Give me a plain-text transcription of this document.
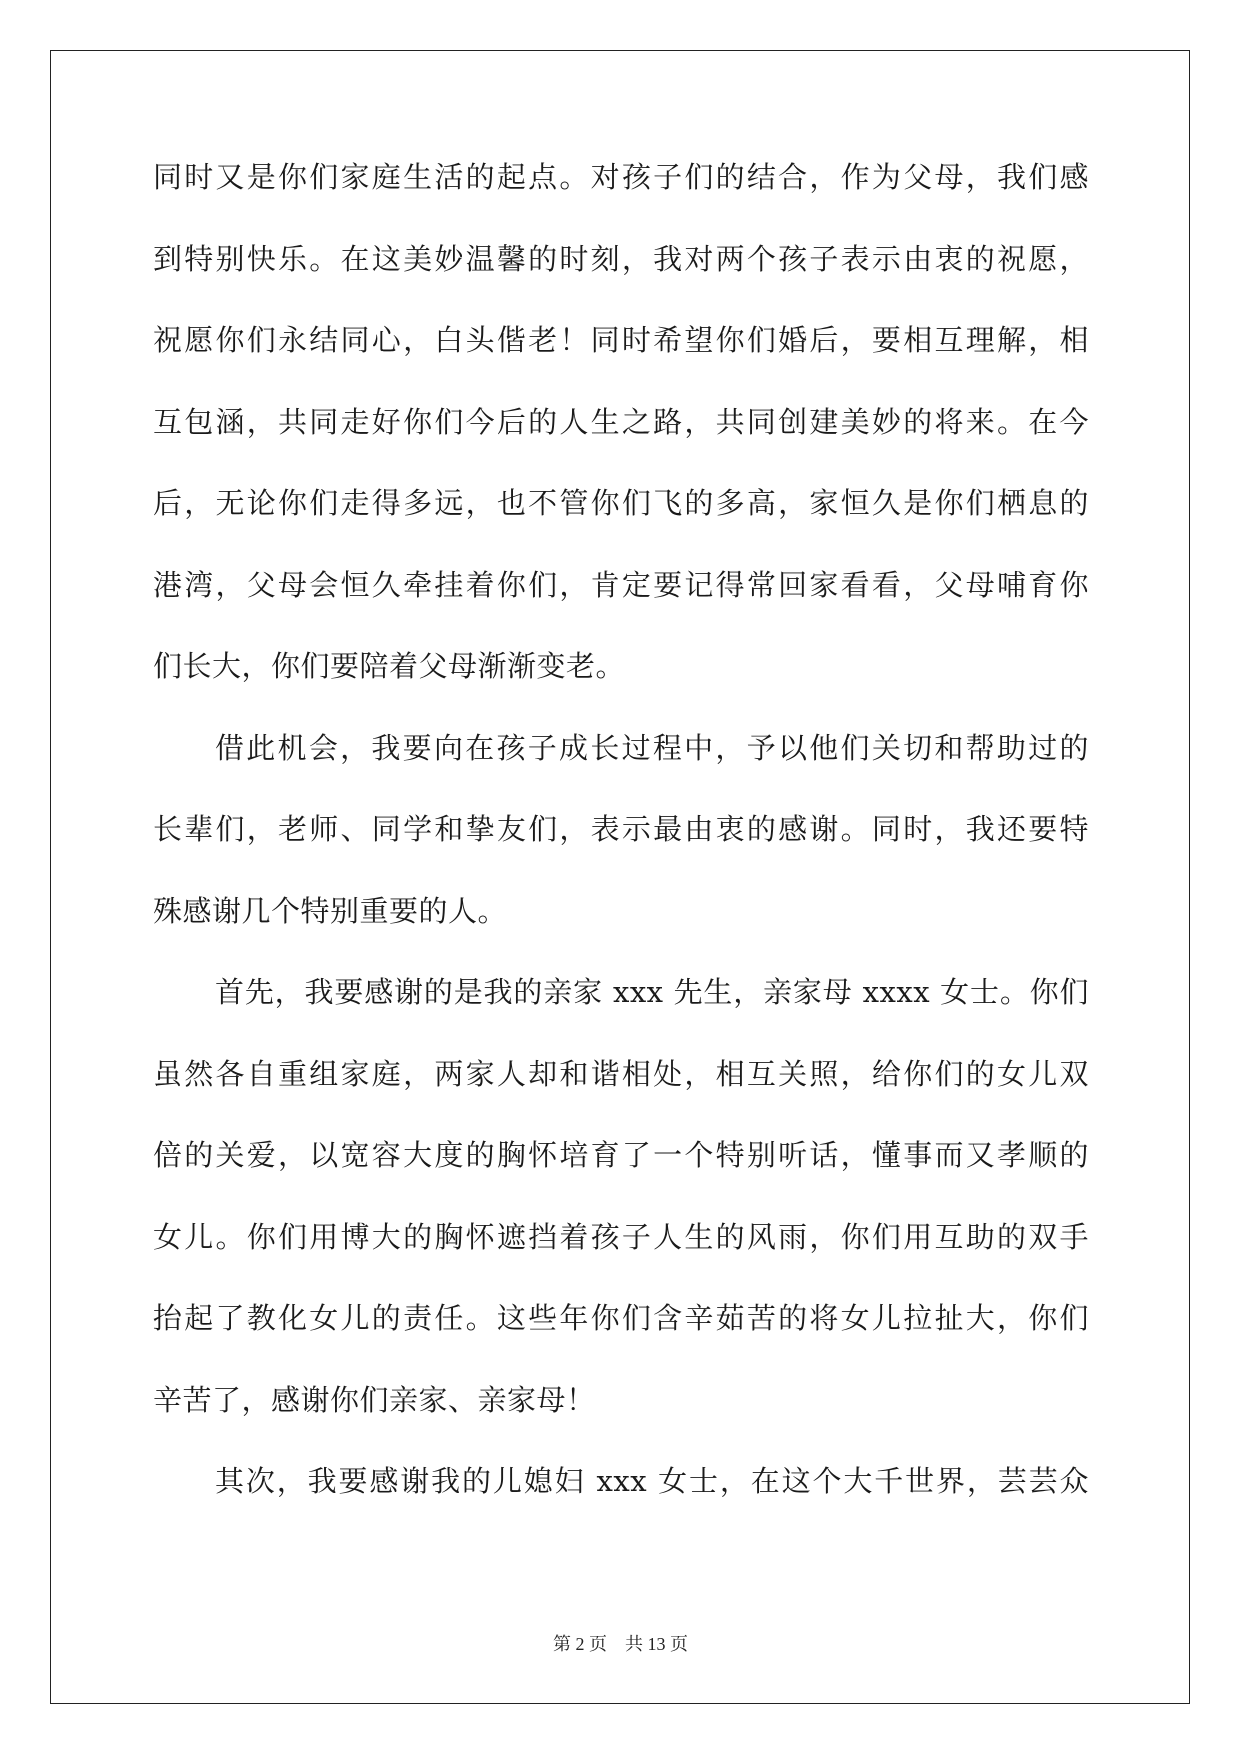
同时又是你们家庭生活的起点。对孩子们的结合，作为父母，我们感
到特别快乐。在这美妙温馨的时刻，我对两个孩子表示由衷的祝愿，
祝愿你们永结同心，白头偕老！同时希望你们婚后，要相互理解，相
互包涵，共同走好你们今后的人生之路，共同创建美妙的将来。在今
后，无论你们走得多远，也不管你们飞的多高，家恒久是你们栖息的
港湾，父母会恒久牵挂着你们，肯定要记得常回家看看，父母哺育你
们长大，你们要陪着父母渐渐变老。
借此机会，我要向在孩子成长过程中，予以他们关切和帮助过的
长辈们，老师、同学和挚友们，表示最由衷的感谢。同时，我还要特
殊感谢几个特别重要的人。
首先，我要感谢的是我的亲家 xxx 先生，亲家母 xxxx 女士。你们
虽然各自重组家庭，两家人却和谐相处，相互关照，给你们的女儿双
倍的关爱，以宽容大度的胸怀培育了一个特别听话，懂事而又孝顺的
女儿。你们用博大的胸怀遮挡着孩子人生的风雨，你们用互助的双手
抬起了教化女儿的责任。这些年你们含辛茹苦的将女儿拉扯大，你们
辛苦了，感谢你们亲家、亲家母！
其次，我要感谢我的儿媳妇 xxx 女士，在这个大千世界，芸芸众
第 2 页 共 13 页
